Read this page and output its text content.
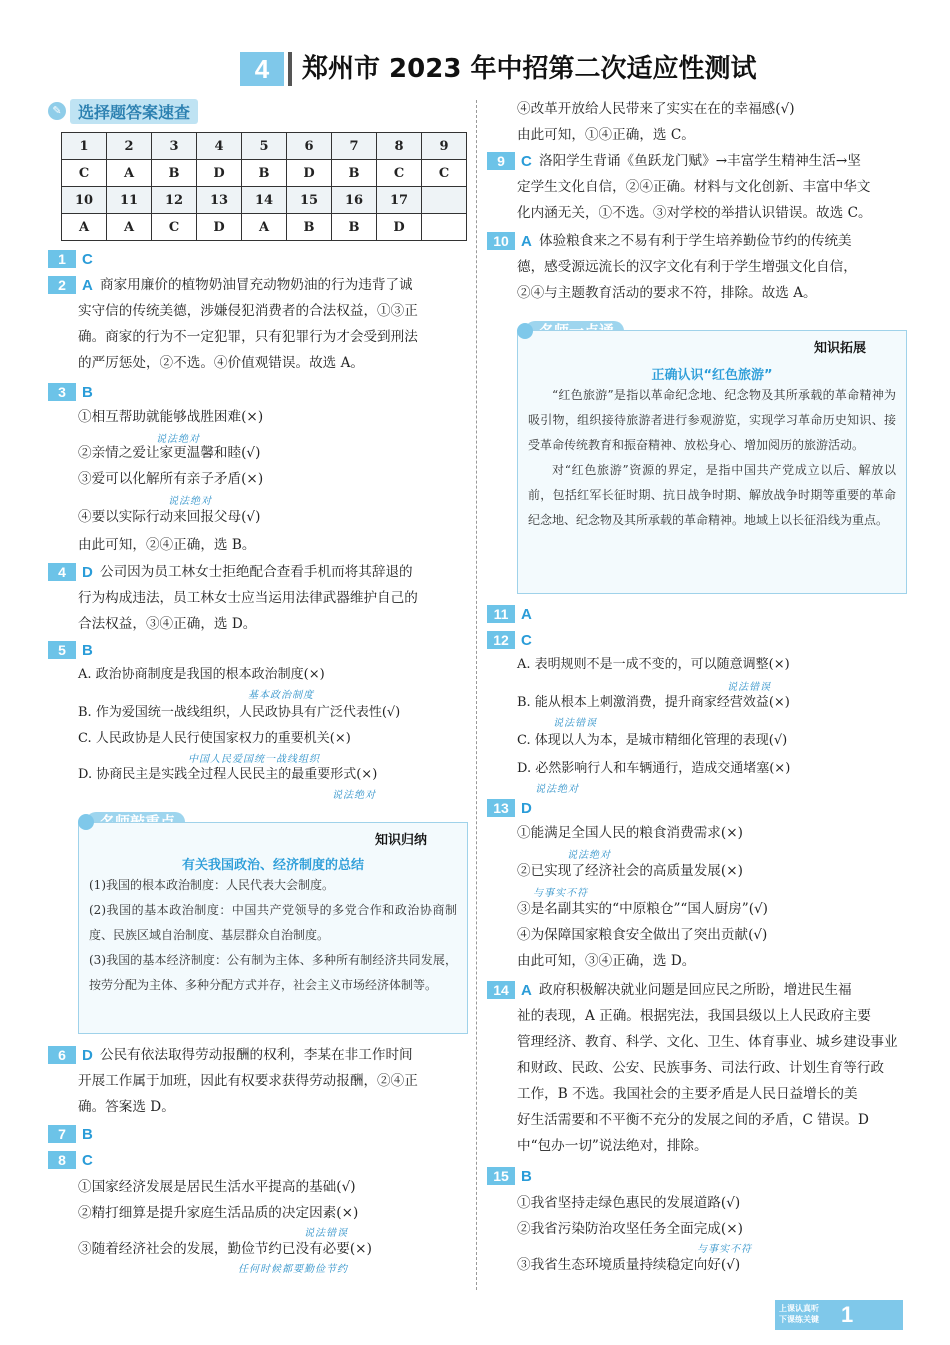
4	郑州市 2023 年中招第二次适应性测试
✎	选择题答案速查
1	2	3	4	5	6	7	8	9
C	A	B	D	B	D	B	C	C
10	11	12	13	14	15	16	17	
A	A	C	D	A	B	B	D	
1	C
2	A 商家用廉价的植物奶油冒充动物奶油的行为违背了诚
实守信的传统美德，涉嫌侵犯消费者的合法权益，①③正
确。商家的行为不一定犯罪，只有犯罪行为才会受到刑法
的严厉惩处，②不选。④价值观错误。故选 A。
3	B
①相互帮助就能够战胜困难(×)
说法绝对
②亲情之爱让家更温馨和睦(√)
③爱可以化解所有亲子矛盾(×)
说法绝对
④要以实际行动来回报父母(√)
由此可知，②④正确，选 B。
4	D 公司因为员工林女士拒绝配合查看手机而将其辞退的
行为构成违法，员工林女士应当运用法律武器维护自己的
合法权益，③④正确，选 D。
5	B
A. 政治协商制度是我国的根本政治制度(×)
基本政治制度
B. 作为爱国统一战线组织，人民政协具有广泛代表性(√)
C. 人民政协是人民行使国家权力的重要机关(×)
中国人民爱国统一战线组织
D. 协商民主是实践全过程人民民主的最重要形式(×)
说法绝对
知识归纳
有关我国政治、经济制度的总结
(1)我国的根本政治制度：人民代表大会制度。
(2)我国的基本政治制度：中国共产党领导的多党合作和政治协商制度、民族区域自治制度、基层群众自治制度。
(3)我国的基本经济制度：公有制为主体、多种所有制经济共同发展，按劳分配为主体、多种分配方式并存，社会主义市场经济体制等。
6	D 公民有依法取得劳动报酬的权利，李某在非工作时间
开展工作属于加班，因此有权要求获得劳动报酬，②④正
确。答案选 D。
7	B
8	C
①国家经济发展是居民生活水平提高的基础(√)
②精打细算是提升家庭生活品质的决定因素(×)
说法错误
③随着经济社会的发展，勤俭节约已没有必要(×)
任何时候都要勤俭节约
④改革开放给人民带来了实实在在的幸福感(√)
由此可知，①④正确，选 C。
9	C 洛阳学生背诵《鱼跃龙门赋》→丰富学生精神生活→坚
定学生文化自信，②④正确。材料与文化创新、丰富中华文
化内涵无关，①不选。③对学校的举措认识错误。故选 C。
10 A 体验粮食来之不易有利于学生培养勤俭节约的传统美
德，感受源远流长的汉字文化有利于学生增强文化自信，
②④与主题教育活动的要求不符，排除。故选 A。
知识拓展
正确认识“红色旅游”
“红色旅游”是指以革命纪念地、纪念物及其所承载的革命精神为吸引物，组织接待旅游者进行参观游览，实现学习革命历史知识、接受革命传统教育和振奋精神、放松身心、增加阅历的旅游活动。
对“红色旅游”资源的界定，是指中国共产党成立以后、解放以前，包括红军长征时期、抗日战争时期、解放战争时期等重要的革命纪念地、纪念物及其所承载的革命精神。地域上以长征沿线为重点。
11 A
12 C
A. 表明规则不是一成不变的，可以随意调整(×)
说法错误
B. 能从根本上刺激消费，提升商家经营效益(×)
说法错误
C. 体现以人为本，是城市精细化管理的表现(√)
D. 必然影响行人和车辆通行，造成交通堵塞(×)
说法绝对
13 D
①能满足全国人民的粮食消费需求(×)
说法绝对
②已实现了经济社会的高质量发展(×)
与事实不符
③是名副其实的“中原粮仓”“国人厨房”(√)
④为保障国家粮食安全做出了突出贡献(√)
由此可知，③④正确，选 D。
14 A 政府积极解决就业问题是回应民之所盼，增进民生福
祉的表现，A 正确。根据宪法，我国县级以上人民政府主要
管理经济、教育、科学、文化、卫生、体育事业、城乡建设事业
和财政、民政、公安、民族事务、司法行政、计划生育等行政
工作，B 不选。我国社会的主要矛盾是人民日益增长的美
好生活需要和不平衡不充分的发展之间的矛盾，C 错误。D
中“包办一切”说法绝对，排除。
15 B
①我省坚持走绿色惠民的发展道路(√)
②我省污染防治攻坚任务全面完成(×)
与事实不符
③我省生态环境质量持续稳定向好(√)
上课认真听
下课练关键 1
